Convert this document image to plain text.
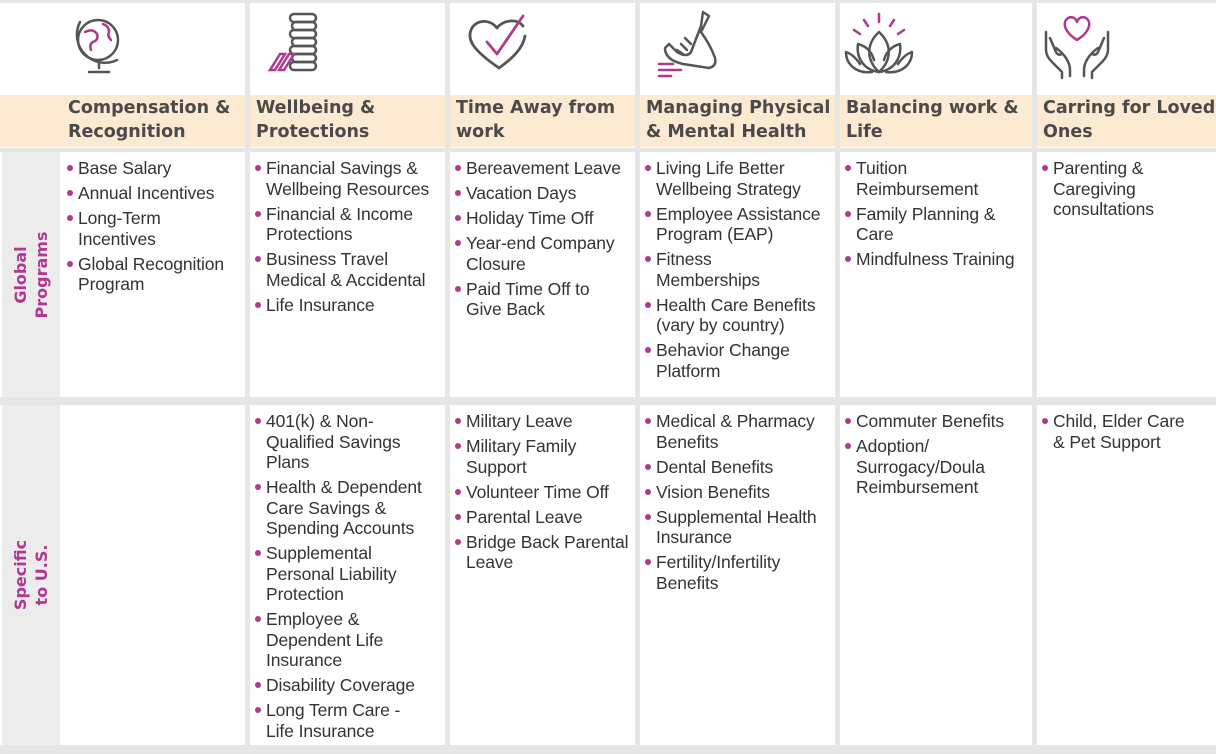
Global
Programs
Specific
to U.S.
Compensation &
Recognition
Wellbeing &
Protections
Time Away from
work
Managing Physical
& Mental Health
Balancing work &
Life
Carring for Loved
Ones
Base Salary
Annual Incentives
Long-Term
Incentives
Global Recognition
Program
Financial Savings &
Wellbeing Resources
Financial & Income
Protections
Business Travel
Medical & Accidental
Life Insurance
Bereavement Leave
Vacation Days
Holiday Time Off
Year-end Company
Closure
Paid Time Off to
Give Back
Living Life Better
Wellbeing Strategy
Employee Assistance
Program (EAP)
Fitness
Memberships
Health Care Benefits
(vary by country)
Behavior Change
Platform
Tuition
Reimbursement
Family Planning &
Care
Mindfulness Training
Parenting &
Caregiving
consultations
401(k) & Non-
Qualified Savings
Plans
Health & Dependent
Care Savings &
Spending Accounts
Supplemental
Personal Liability
Protection
Employee &
Dependent Life
Insurance
Disability Coverage
Long Term Care -
Life Insurance
Military Leave
Military Family
Support
Volunteer Time Off
Parental Leave
Bridge Back Parental
Leave
Medical & Pharmacy
Benefits
Dental Benefits
Vision Benefits
Supplemental Health
Insurance
Fertility/Infertility
Benefits
Commuter Benefits
Adoption/
Surrogacy/Doula
Reimbursement
Child, Elder Care
& Pet Support
